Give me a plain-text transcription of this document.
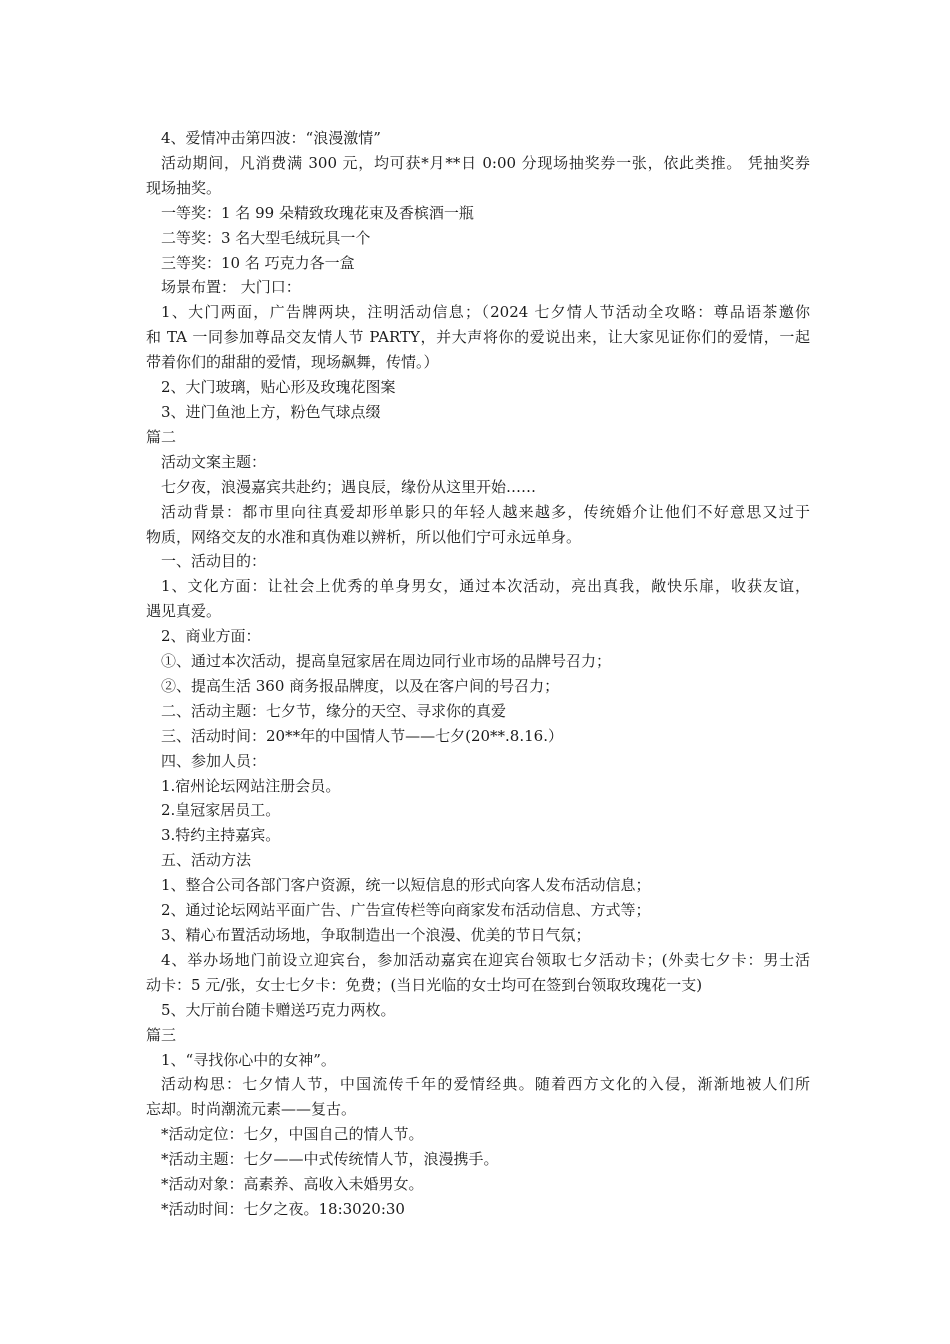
4、爱情冲击第四波：“浪漫激情”
活动期间，凡消费满 300 元，均可获*月**日 0:00 分现场抽奖券一张，依此类推。 凭抽奖券
现场抽奖。
一等奖：1 名 99 朵精致玫瑰花束及香槟酒一瓶
二等奖：3 名大型毛绒玩具一个
三等奖：10 名 巧克力各一盒
场景布置： 大门口：
1、大门两面，广告牌两块，注明活动信息；（2024 七夕情人节活动全攻略：尊品语茶邀你
和 TA 一同参加尊品交友情人节 PARTY，并大声将你的爱说出来，让大家见证你们的爱情，一起
带着你们的甜甜的爱情，现场飙舞，传情。）
2、大门玻璃，贴心形及玫瑰花图案
3、进门鱼池上方，粉色气球点缀
篇二
活动文案主题：
七夕夜，浪漫嘉宾共赴约；遇良辰，缘份从这里开始……
活动背景：都市里向往真爱却形单影只的年轻人越来越多，传统婚介让他们不好意思又过于
物质，网络交友的水准和真伪难以辨析，所以他们宁可永远单身。
一、活动目的：
1、文化方面：让社会上优秀的单身男女，通过本次活动，亮出真我，敞快乐扉，收获友谊，
遇见真爱。
2、商业方面：
①、通过本次活动，提高皇冠家居在周边同行业市场的品牌号召力；
②、提高生活 360 商务报品牌度，以及在客户间的号召力；
二、活动主题：七夕节，缘分的天空、寻求你的真爱
三、活动时间：20**年的中国情人节——七夕(20**.8.16.）
四、参加人员：
1.宿州论坛网站注册会员。
2.皇冠家居员工。
3.特约主持嘉宾。
五、活动方法
1、整合公司各部门客户资源，统一以短信息的形式向客人发布活动信息；
2、通过论坛网站平面广告、广告宣传栏等向商家发布活动信息、方式等；
3、精心布置活动场地，争取制造出一个浪漫、优美的节日气氛；
4、举办场地门前设立迎宾台，参加活动嘉宾在迎宾台领取七夕活动卡；(外卖七夕卡：男士活
动卡：5 元/张，女士七夕卡：免费；(当日光临的女士均可在签到台领取玫瑰花一支)
5、大厅前台随卡赠送巧克力两枚。
篇三
1、“寻找你心中的女神”。
活动构思：七夕情人节，中国流传千年的爱情经典。随着西方文化的入侵，渐渐地被人们所
忘却。时尚潮流元素——复古。
*活动定位：七夕，中国自己的情人节。
*活动主题：七夕——中式传统情人节，浪漫携手。
*活动对象：高素养、高收入未婚男女。
*活动时间：七夕之夜。18:3020:30
